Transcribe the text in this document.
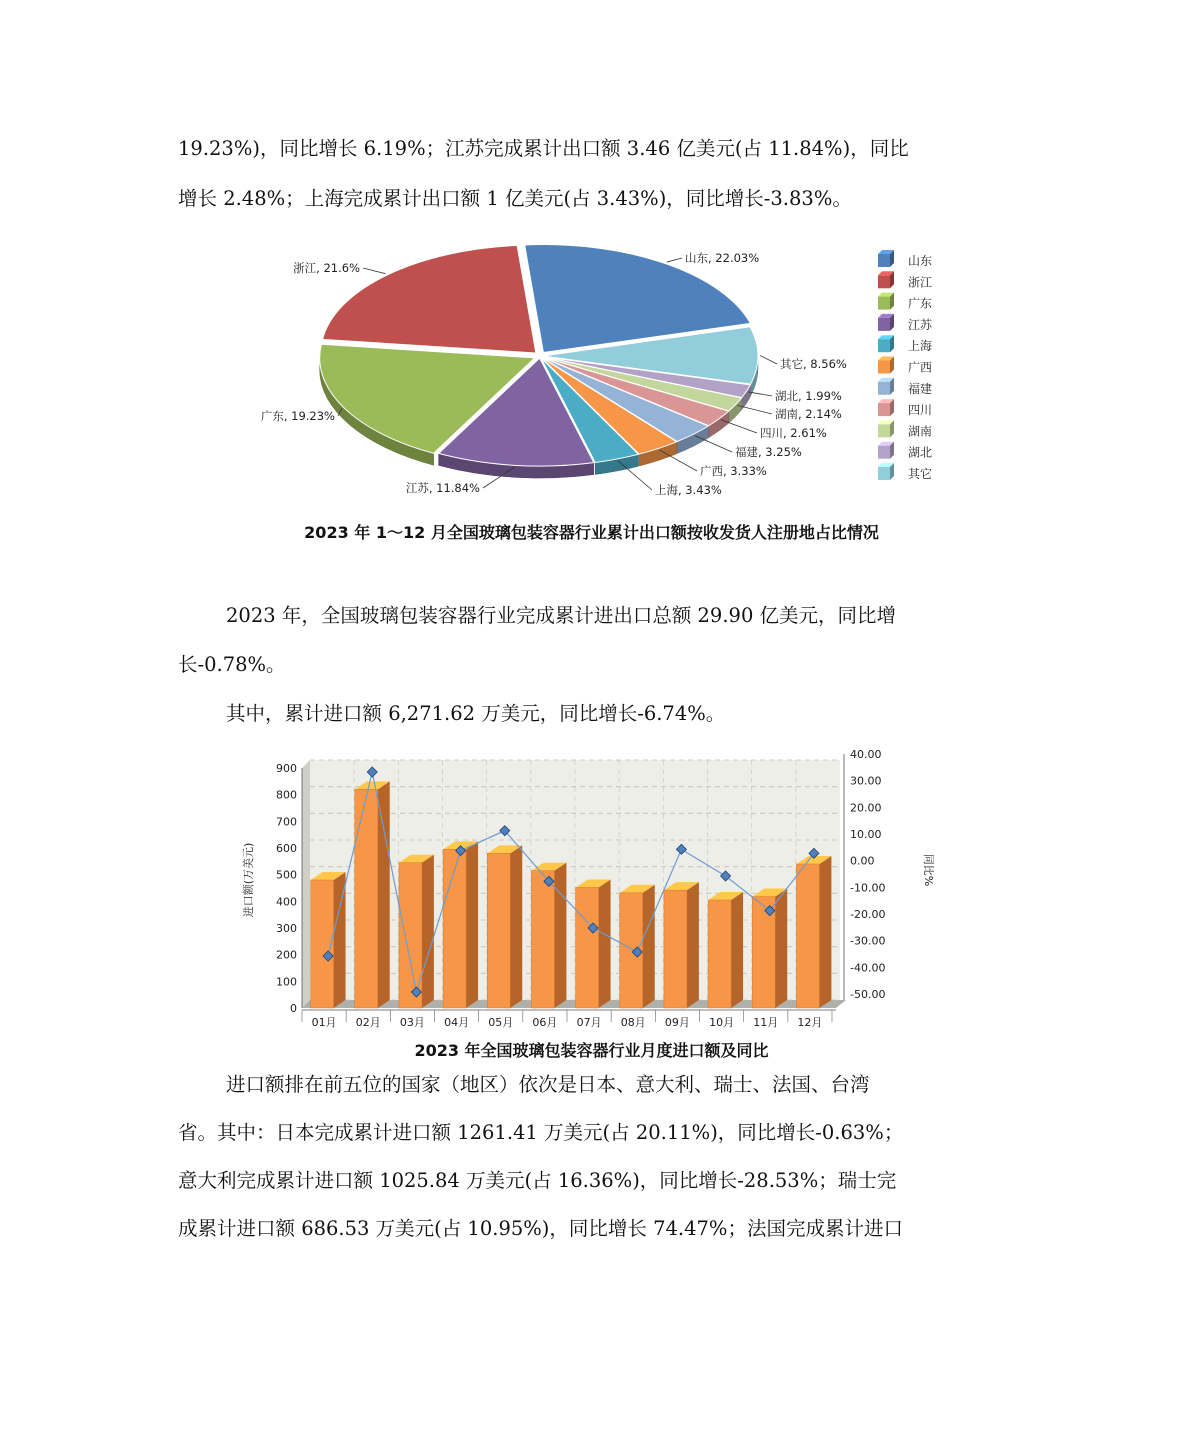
19.23%)，同比增长 6.19%；江苏完成累计出口额 3.46 亿美元(占 11.84%)，同比

增长 2.48%；上海完成累计出口额 1 亿美元(占 3.43%)，同比增长-3.83%。

山东, 22.03%
其它, 8.56%
湖北, 1.99%
湖南, 2.14%
四川, 2.61%
福建, 3.25%
广西, 3.33%
上海, 3.43%
江苏, 11.84%
广东, 19.23%
浙江, 21.6%	山东
浙江
广东
江苏
上海
广西
福建
四川
湖南
湖北
其它
2023 年 1～12 月全国玻璃包装容器行业累计出口额按收发货人注册地占比情况

2023 年，全国玻璃包装容器行业完成累计进出口总额 29.90 亿美元，同比增

长-0.78%。

其中，累计进口额 6,271.62 万美元，同比增长-6.74%。

0
100
200
300
400
500
600
700
800
900
-50.00
-40.00
-30.00
-20.00
-10.00
0.00
10.00
20.00
30.00
40.00
进口额(万美元)	同比%
01月 02月 03月 04月 05月 06月 07月 08月 09月 10月 11月 12月
2023 年全国玻璃包装容器行业月度进口额及同比

进口额排在前五位的国家（地区）依次是日本、意大利、瑞士、法国、台湾

省。其中：日本完成累计进口额 1261.41 万美元(占 20.11%)，同比增长-0.63%；

意大利完成累计进口额 1025.84 万美元(占 16.36%)，同比增长-28.53%；瑞士完

成累计进口额 686.53 万美元(占 10.95%)，同比增长 74.47%；法国完成累计进口
